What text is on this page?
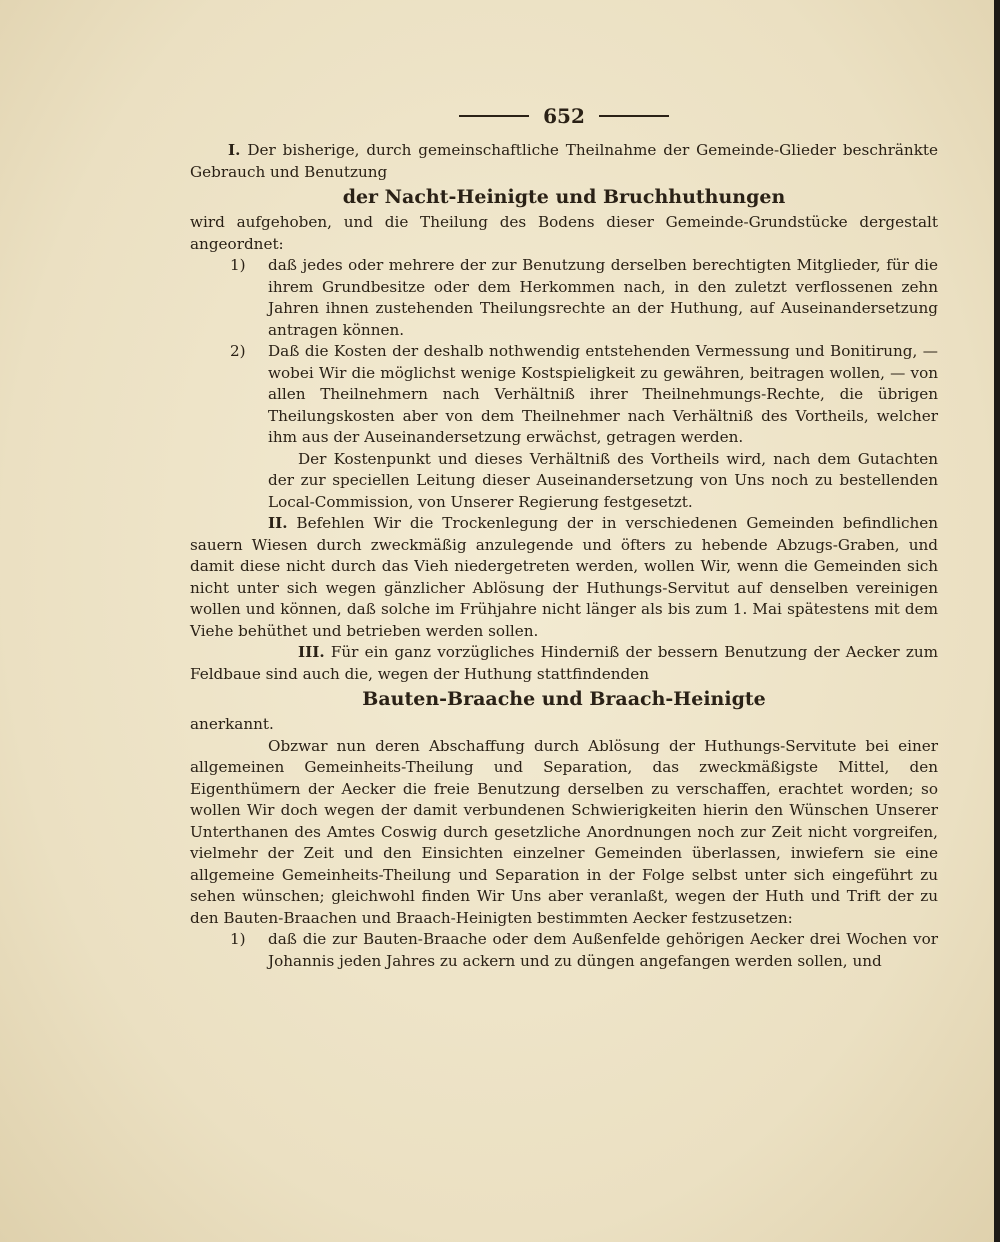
652

I. Der bisherige, durch gemeinschaftliche Theilnahme der Gemeinde-Glieder beschränkte Gebrauch und Benutzung

der Nacht-Heinigte und Bruchhuthungen

wird aufgehoben, und die Theilung des Bodens dieser Gemeinde-Grundstücke dergestalt angeordnet:

1) daß jedes oder mehrere der zur Benutzung derselben berechtigten Mitglieder, für die ihrem Grundbesitze oder dem Herkommen nach, in den zuletzt verflossenen zehn Jahren ihnen zustehenden Theilungsrechte an der Huthung, auf Auseinandersetzung antragen können.

2) Daß die Kosten der deshalb nothwendig entstehenden Vermessung und Bonitirung, — wobei Wir die möglichst wenige Kostspieligkeit zu gewähren, beitragen wollen, — von allen Theilnehmern nach Verhältniß ihrer Theilnehmungs-Rechte, die übrigen Theilungskosten aber von dem Theilnehmer nach Verhältniß des Vortheils, welcher ihm aus der Auseinandersetzung erwächst, getragen werden.

Der Kostenpunkt und dieses Verhältniß des Vortheils wird, nach dem Gutachten der zur speciellen Leitung dieser Auseinandersetzung von Uns noch zu bestellenden Local-Commission, von Unserer Regierung festgesetzt.

II. Befehlen Wir die Trockenlegung der in verschiedenen Gemeinden befindlichen sauern Wiesen durch zweckmäßig anzulegende und öfters zu hebende Abzugs-Graben, und damit diese nicht durch das Vieh niedergetreten werden, wollen Wir, wenn die Gemeinden sich nicht unter sich wegen gänzlicher Ablösung der Huthungs-Servitut auf denselben vereinigen wollen und können, daß solche im Frühjahre nicht länger als bis zum 1. Mai spätestens mit dem Viehe behüthet und betrieben werden sollen.

III. Für ein ganz vorzügliches Hinderniß der bessern Benutzung der Aecker zum Feldbaue sind auch die, wegen der Huthung stattfindenden

Bauten-Braache und Braach-Heinigte

anerkannt.

Obzwar nun deren Abschaffung durch Ablösung der Huthungs-Servitute bei einer allgemeinen Gemeinheits-Theilung und Separation, das zweckmäßigste Mittel, den Eigenthümern der Aecker die freie Benutzung derselben zu verschaffen, erachtet worden; so wollen Wir doch wegen der damit verbundenen Schwierigkeiten hierin den Wünschen Unserer Unterthanen des Amtes Coswig durch gesetzliche Anordnungen noch zur Zeit nicht vorgreifen, vielmehr der Zeit und den Einsichten einzelner Gemeinden überlassen, inwiefern sie eine allgemeine Gemeinheits-Theilung und Separation in der Folge selbst unter sich eingeführt zu sehen wünschen; gleichwohl finden Wir Uns aber veranlaßt, wegen der Huth und Trift der zu den Bauten-Braachen und Braach-Heinigten bestimmten Aecker festzusetzen:

1) daß die zur Bauten-Braache oder dem Außenfelde gehörigen Aecker drei Wochen vor Johannis jeden Jahres zu ackern und zu düngen angefangen werden sollen, und
